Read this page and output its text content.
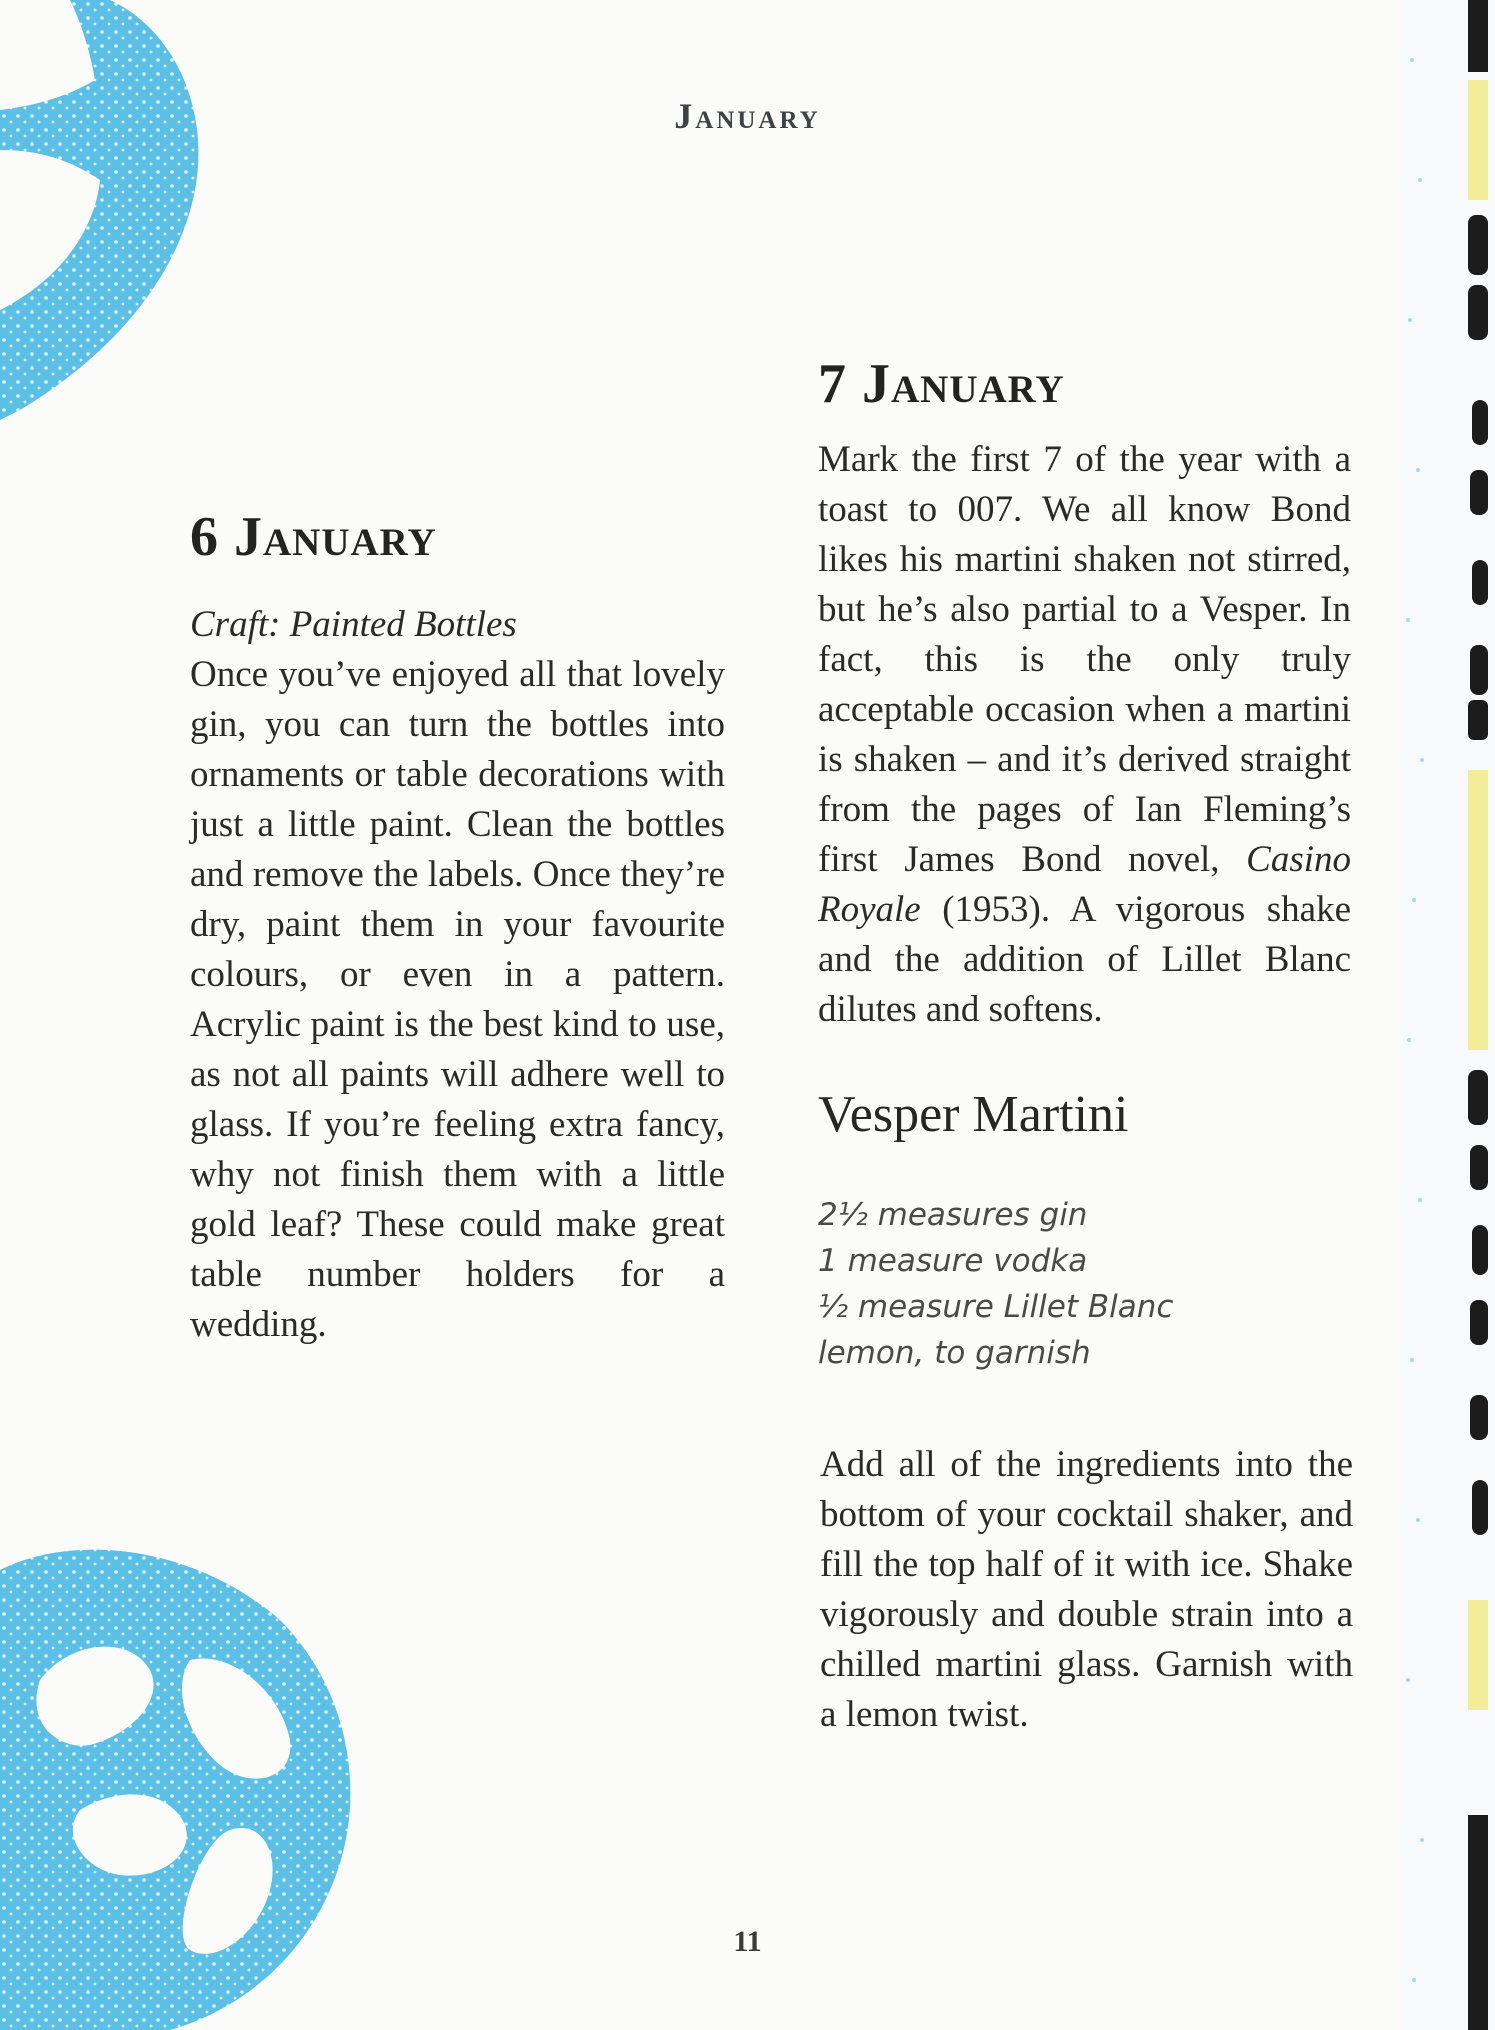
January
6 January
Craft: Painted Bottles
Once you’ve enjoyed all that lovely gin, you can turn the bottles into ornaments or table decorations with just a little paint. Clean the bottles and remove the labels. Once they’re dry, paint them in your favourite colours, or even in a pattern. Acrylic paint is the best kind to use, as not all paints will adhere well to glass. If you’re feeling extra fancy, why not finish them with a little gold leaf? These could make great table number holders for a wedding.
7 January

Mark the first 7 of the year with a toast to 007. We all know Bond likes his martini shaken not stirred, but he’s also partial to a Vesper. In fact, this is the only truly acceptable occasion when a martini is shaken – and it’s derived straight from the pages of Ian Fleming’s first James Bond novel, Casino Royale (1953). A vigorous shake and the addition of Lillet Blanc dilutes and softens.

Vesper Martini
2½ measures gin
1 measure vodka
½ measure Lillet Blanc
lemon, to garnish

Add all of the ingredients into the bottom of your cocktail shaker, and fill the top half of it with ice. Shake vigorously and double strain into a chilled martini glass. Garnish with a lemon twist.

11
